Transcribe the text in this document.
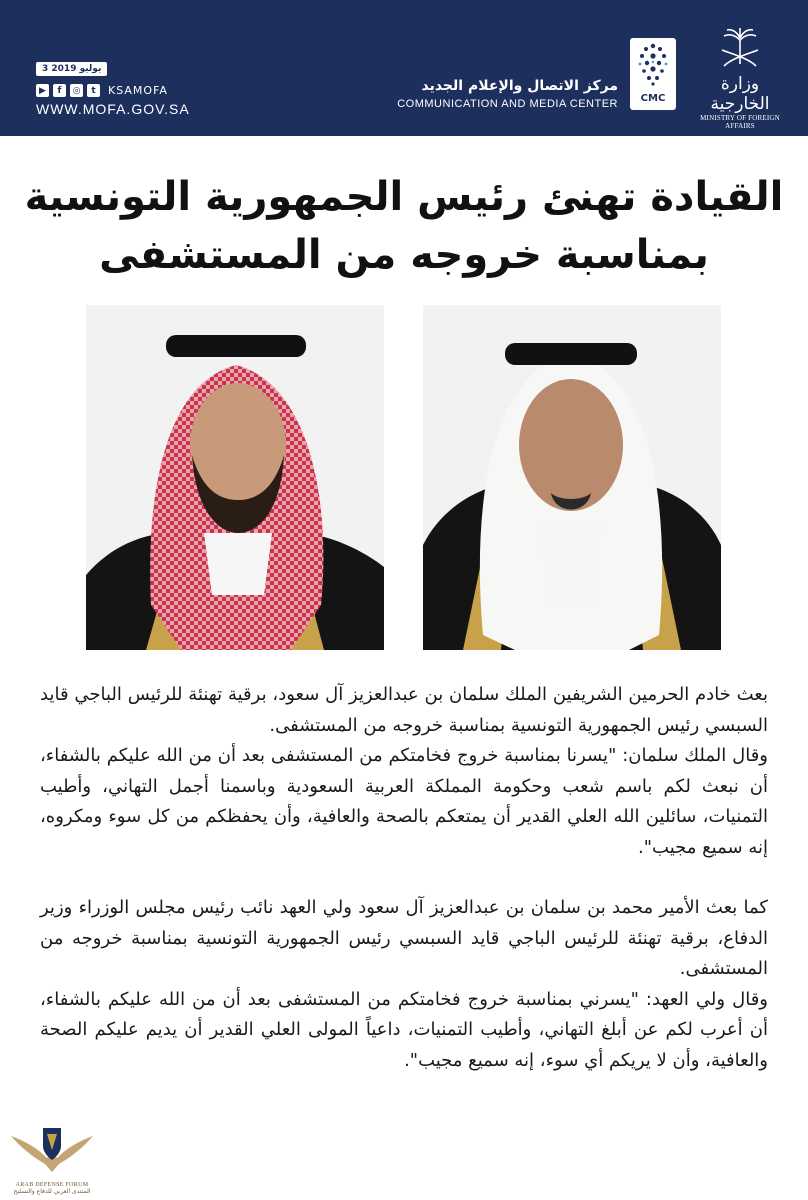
3 يوليو 2019
▶	f	◎	t	KSAMOFA
WWW.MOFA.GOV.SA
مركز الاتصال والإعلام الجديد
COMMUNICATION AND MEDIA CENTER	CMC
وزارة الخارجية
MINISTRY OF FOREIGN AFFAIRS
القيادة تهنئ رئيس الجمهورية التونسية
بمناسبة خروجه من المستشفى

بعث خادم الحرمين الشريفين الملك سلمان بن عبدالعزيز آل سعود، برقية تهنئة للرئيس الباجي قايد السبسي رئيس الجمهورية التونسية بمناسبة خروجه من المستشفى.

وقال الملك سلمان: "يسرنا بمناسبة خروج فخامتكم من المستشفى بعد أن من الله عليكم بالشفاء، أن نبعث لكم باسم شعب وحكومة المملكة العربية السعودية وباسمنا أجمل التهاني، وأطيب التمنيات، سائلين الله العلي القدير أن يمتعكم بالصحة والعافية، وأن يحفظكم من كل سوء ومكروه، إنه سميع مجيب".

كما بعث الأمير محمد بن سلمان بن عبدالعزيز آل سعود ولي العهد نائب رئيس مجلس الوزراء وزير الدفاع، برقية تهنئة للرئيس الباجي قايد السبسي رئيس الجمهورية التونسية بمناسبة خروجه من المستشفى.

وقال ولي العهد: "يسرني بمناسبة خروج فخامتكم من المستشفى بعد أن من الله عليكم بالشفاء، أن أعرب لكم عن أبلغ التهاني، وأطيب التمنيات، داعياً المولى العلي القدير أن يديم عليكم الصحة والعافية، وأن لا يريكم أي سوء، إنه سميع مجيب".

ARAB DEFENSE FORUM
المنتدى العربي للدفاع والتسليح
